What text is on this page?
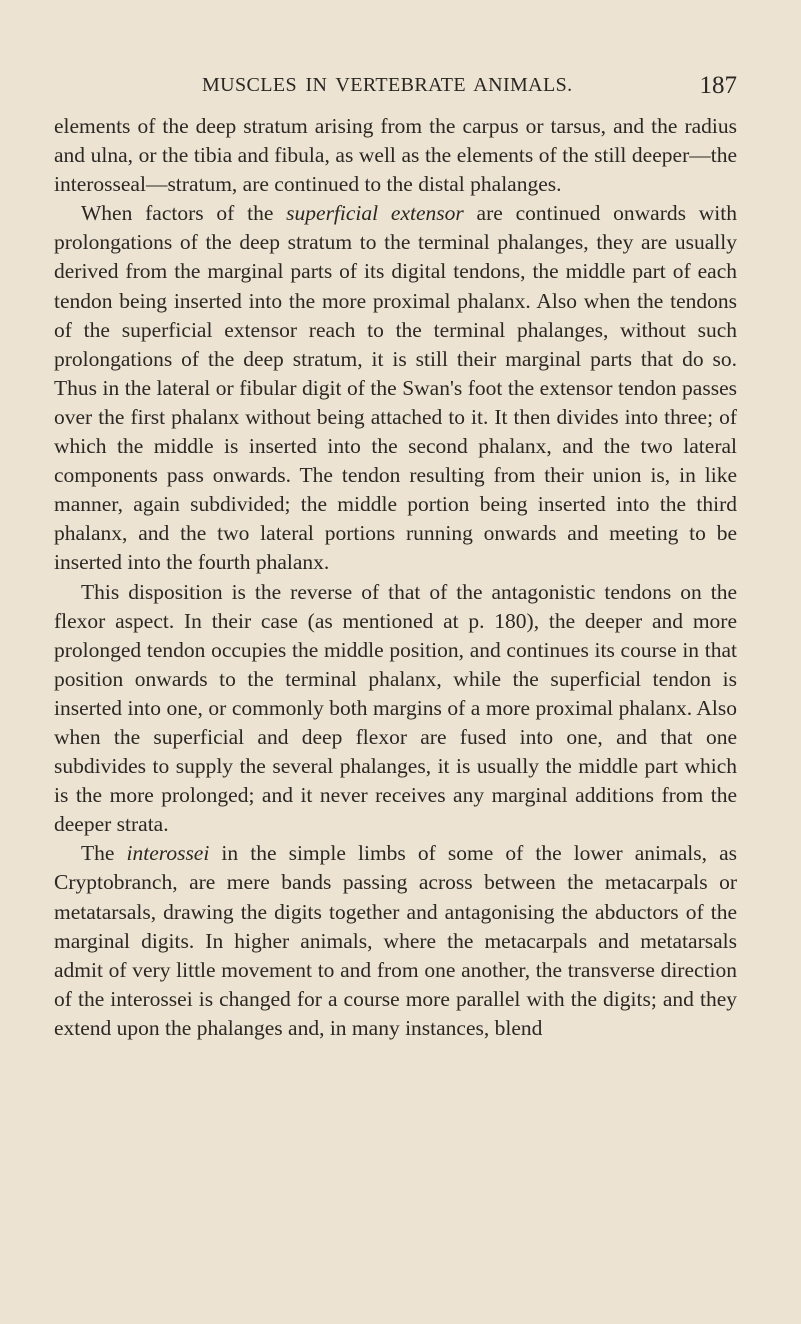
MUSCLES IN VERTEBRATE ANIMALS.	187

elements of the deep stratum arising from the carpus or tarsus, and the radius and ulna, or the tibia and fibula, as well as the elements of the still deeper—the interosseal—stratum, are continued to the distal phalanges.

When factors of the superficial extensor are continued onwards with prolongations of the deep stratum to the terminal phalanges, they are usually derived from the marginal parts of its digital tendons, the middle part of each tendon being inserted into the more proximal phalanx. Also when the tendons of the superficial extensor reach to the terminal phalanges, without such prolongations of the deep stratum, it is still their marginal parts that do so. Thus in the lateral or fibular digit of the Swan's foot the extensor tendon passes over the first phalanx without being attached to it. It then divides into three; of which the middle is inserted into the second phalanx, and the two lateral components pass onwards. The tendon resulting from their union is, in like manner, again subdivided; the middle portion being inserted into the third phalanx, and the two lateral portions running onwards and meeting to be inserted into the fourth phalanx.

This disposition is the reverse of that of the antagonistic tendons on the flexor aspect. In their case (as mentioned at p. 180), the deeper and more prolonged tendon occupies the middle position, and continues its course in that position onwards to the terminal phalanx, while the superficial tendon is inserted into one, or commonly both margins of a more proximal phalanx. Also when the superficial and deep flexor are fused into one, and that one subdivides to supply the several phalanges, it is usually the middle part which is the more prolonged; and it never receives any marginal additions from the deeper strata.

The interossei in the simple limbs of some of the lower animals, as Cryptobranch, are mere bands passing across between the metacarpals or metatarsals, drawing the digits together and antagonising the abductors of the marginal digits. In higher animals, where the metacarpals and metatarsals admit of very little movement to and from one another, the transverse direction of the interossei is changed for a course more parallel with the digits; and they extend upon the phalanges and, in many instances, blend
